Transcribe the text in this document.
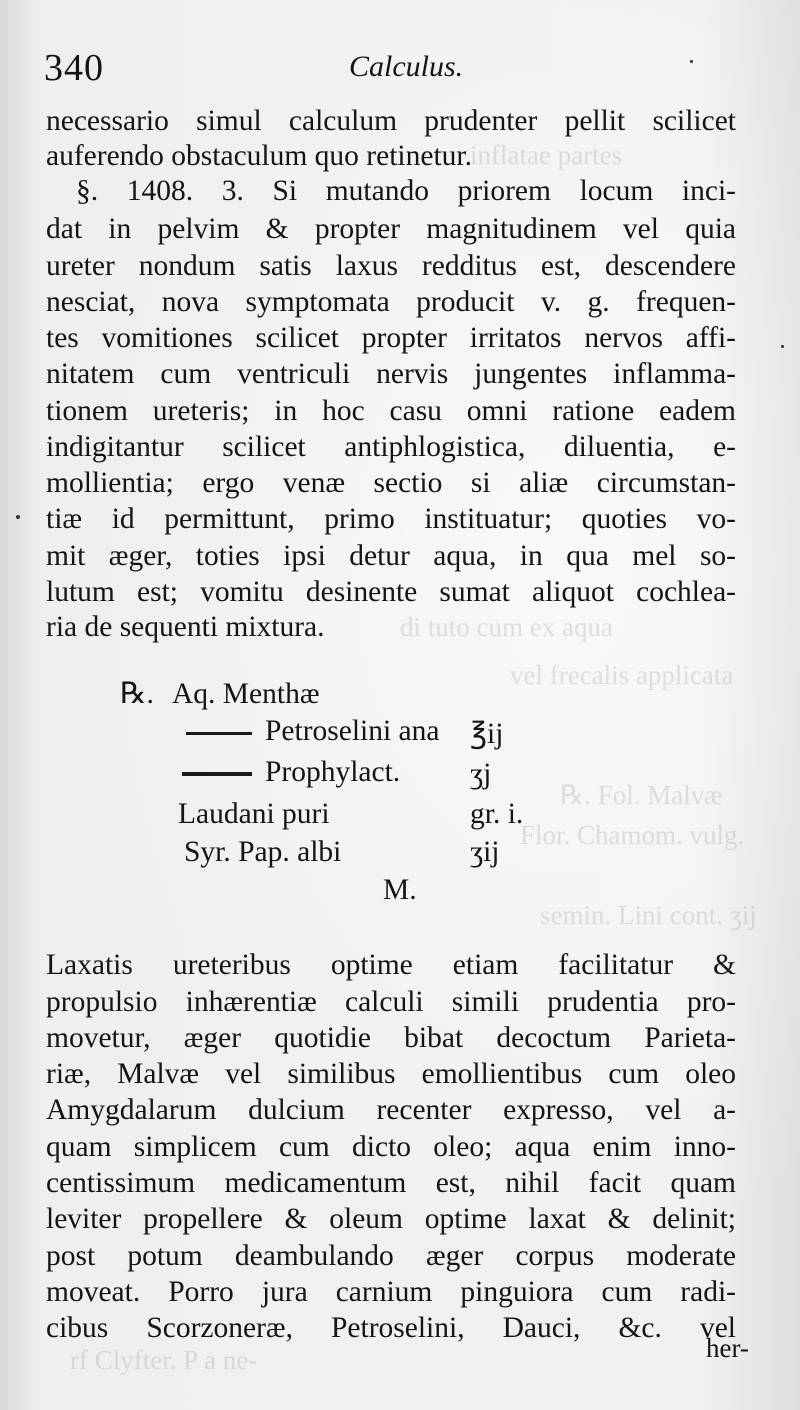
inflatae partes
di tuto cum ex aqua
vel frecalis applicata
℞. Fol. Malvæ
Flor. Chamom. vulg.
semin. Lini cont. ʒij
rf Clyfter. P a ne-
340	Calculus.
necessario simul calculum prudenter pellit scilicet
auferendo obstaculum quo retinetur.
§. 1408. 3. Si mutando priorem locum inci-
dat in pelvim & propter magnitudinem vel quia
ureter nondum satis laxus redditus est, descendere
nesciat, nova symptomata producit v. g. frequen-
tes vomitiones scilicet propter irritatos nervos affi-
nitatem cum ventriculi nervis jungentes inflamma-
tionem ureteris; in hoc casu omni ratione eadem
indigitantur scilicet antiphlogistica, diluentia, e-
mollientia; ergo venæ sectio si aliæ circumstan-
tiæ id permittunt, primo instituatur; quoties vo-
mit æger, toties ipsi detur aqua, in qua mel so-
lutum est; vomitu desinente sumat aliquot cochlea-
ria de sequenti mixtura.
℞. Aq. Menthæ
Petroselini ana ℥ij
Prophylact. ʒj
Laudani puri	gr. i.
Syr. Pap. albi	ʒij
M.
Laxatis ureteribus optime etiam facilitatur &
propulsio inhærentiæ calculi simili prudentia pro-
movetur, æger quotidie bibat decoctum Parieta-
riæ, Malvæ vel similibus emollientibus cum oleo
Amygdalarum dulcium recenter expresso, vel a-
quam simplicem cum dicto oleo; aqua enim inno-
centissimum medicamentum est, nihil facit quam
leviter propellere & oleum optime laxat & delinit;
post potum deambulando æger corpus moderate
moveat. Porro jura carnium pinguiora cum radi-
cibus Scorzoneræ, Petroselini, Dauci, &c. vel
her-
